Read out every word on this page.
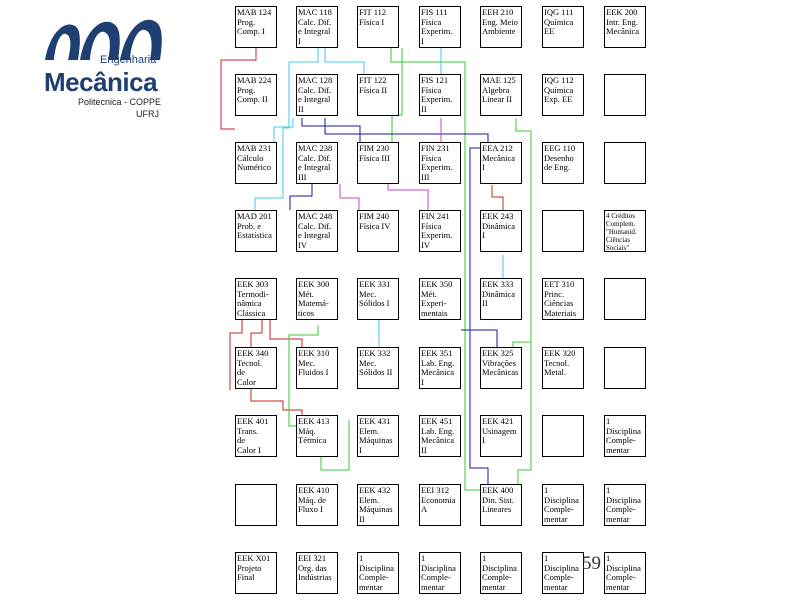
Engenharia
Mecânica
Politecnica - COPPE
UFRJ
MAB 124
Prog.
Comp. I
MAC 118
Calc. Dif.
e Integral
I
FIT 112
Física I
FIS 111
Física
Experim.
I
EEH 210
Eng. Meio
Ambiente
IQG 111
Química
EE
EEK 200
Intr. Eng.
Mecânica
MAB 224
Prog.
Comp. II
MAC 128
Calc. Dif.
e Integral
II
FIT 122
Física II
FIS 121
Física
Experim.
II
MAE 125
Algebra
Linear II
IQG 112
Química
Exp. EE
MAB 231
Cálculo
Numérico
MAC 238
Calc. Dif.
e Integral
III
FIM 230
Física III
FIN 231
Física
Experim.
III
EEA 212
Mecânica
I
EEG 110
Desenho
de Eng.
MAD 201
Prob. e
Estatística
MAC 248
Calc. Dif.
e Integral
IV
FIM 240
Física IV
FIN 241
Física
Experim.
IV
EEK 243
Dinâmica
I
4 Créditos
Complem.
"Humanid.
Ciências
Sociais"
EEK 303
Termodi-
nâmica
Clássica
EEK 300
Mét.
Matemá-
ticos
EEK 331
Mec.
Sólidos I
EEK 350
Mét.
Experi-
mentais
EEK 333
Dinâmica
II
EET 310
Princ.
Ciências
Materiais
EEK 340
Tecnol.
de
Calor
EEK 310
Mec.
Fluidos I
EEK 332
Mec.
Sólidos II
EEK 351
Lab. Eng.
Mecânica
I
EEK 325
Vibrações
Mecânicas
EEK 320
Tecnol.
Metal.
EEK 401
Trans.
de
Calor I
EEK 413
Máq.
Térmica
EEK 431
Elem.
Máquinas
I
EEK 451
Lab. Eng.
Mecânica
II
EEK 421
Usinagem
I
1
Disciplina
Comple-
mentar
EEK 410
Máq. de
Fluxo I
EEK 432
Elem.
Máquinas
II
EEI 312
Economia
A
EEK 400
Din. Sist.
Lineares
1
Disciplina
Comple-
mentar
1
Disciplina
Comple-
mentar
EEK X01
Projeto
Final
EEI 321
Org. das
Indústrias
1
Disciplina
Comple-
mentar
1
Disciplina
Comple-
mentar
1
Disciplina
Comple-
mentar
1
Disciplina
Comple-
mentar
1
Disciplina
Comple-
mentar
59
